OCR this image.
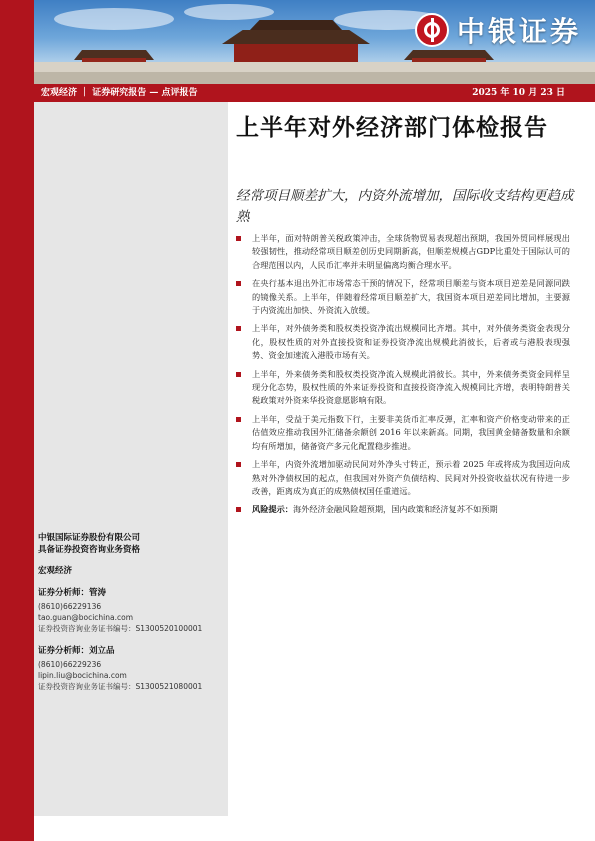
中银证券
宏观经济 ｜ 证券研究报告 — 点评报告	2025 年 10 月 23 日
中银国际证券股份有限公司
具备证券投资咨询业务资格
宏观经济
证券分析师：管涛
(8610)66229136
tao.guan@bocichina.com
证券投资咨询业务证书编号：S1300520100001
证券分析师：刘立品
(8610)66229236
lipin.liu@bocichina.com
证券投资咨询业务证书编号：S1300521080001
上半年对外经济部门体检报告
经常项目顺差扩大，内资外流增加，国际收支结构更趋成熟
上半年，面对特朗普关税政策冲击，全球货物贸易表现超出预期，我国外贸同样展现出较强韧性，推动经常项目顺差创历史同期新高，但顺差规模占GDP比重处于国际认可的合理范围以内，人民币汇率并未明显偏离均衡合理水平。
在央行基本退出外汇市场常态干预的情况下，经常项目顺差与资本项目逆差是同源同跌的镜像关系。上半年，伴随着经常项目顺差扩大，我国资本项目逆差同比增加，主要源于内资流出加快、外资流入放缓。
上半年，对外债务类和股权类投资净流出规模同比齐增。其中，对外债务类资金表现分化，股权性质的对外直接投资和证券投资净流出规模此消彼长，后者或与港股表现强势、资金加速流入港股市场有关。
上半年，外来债务类和股权类投资净流入规模此消彼长。其中，外来债务类资金同样呈现分化态势，股权性质的外来证券投资和直接投资净流入规模同比齐增，表明特朗普关税政策对外资来华投资意愿影响有限。
上半年，受益于美元指数下行，主要非美货币汇率反弹，汇率和资产价格变动带来的正估值效应推动我国外汇储备余额创 2016 年以来新高。同期，我国黄金储备数量和余额均有所增加，储备资产多元化配置稳步推进。
上半年，内资外流增加驱动民间对外净头寸转正，预示着 2025 年或将成为我国迈向成熟对外净债权国的起点，但我国对外资产负债结构、民间对外投资收益状况有待进一步改善，距离成为真正的成熟债权国任重道远。
风险提示：海外经济金融风险超预期，国内政策和经济复苏不如预期
